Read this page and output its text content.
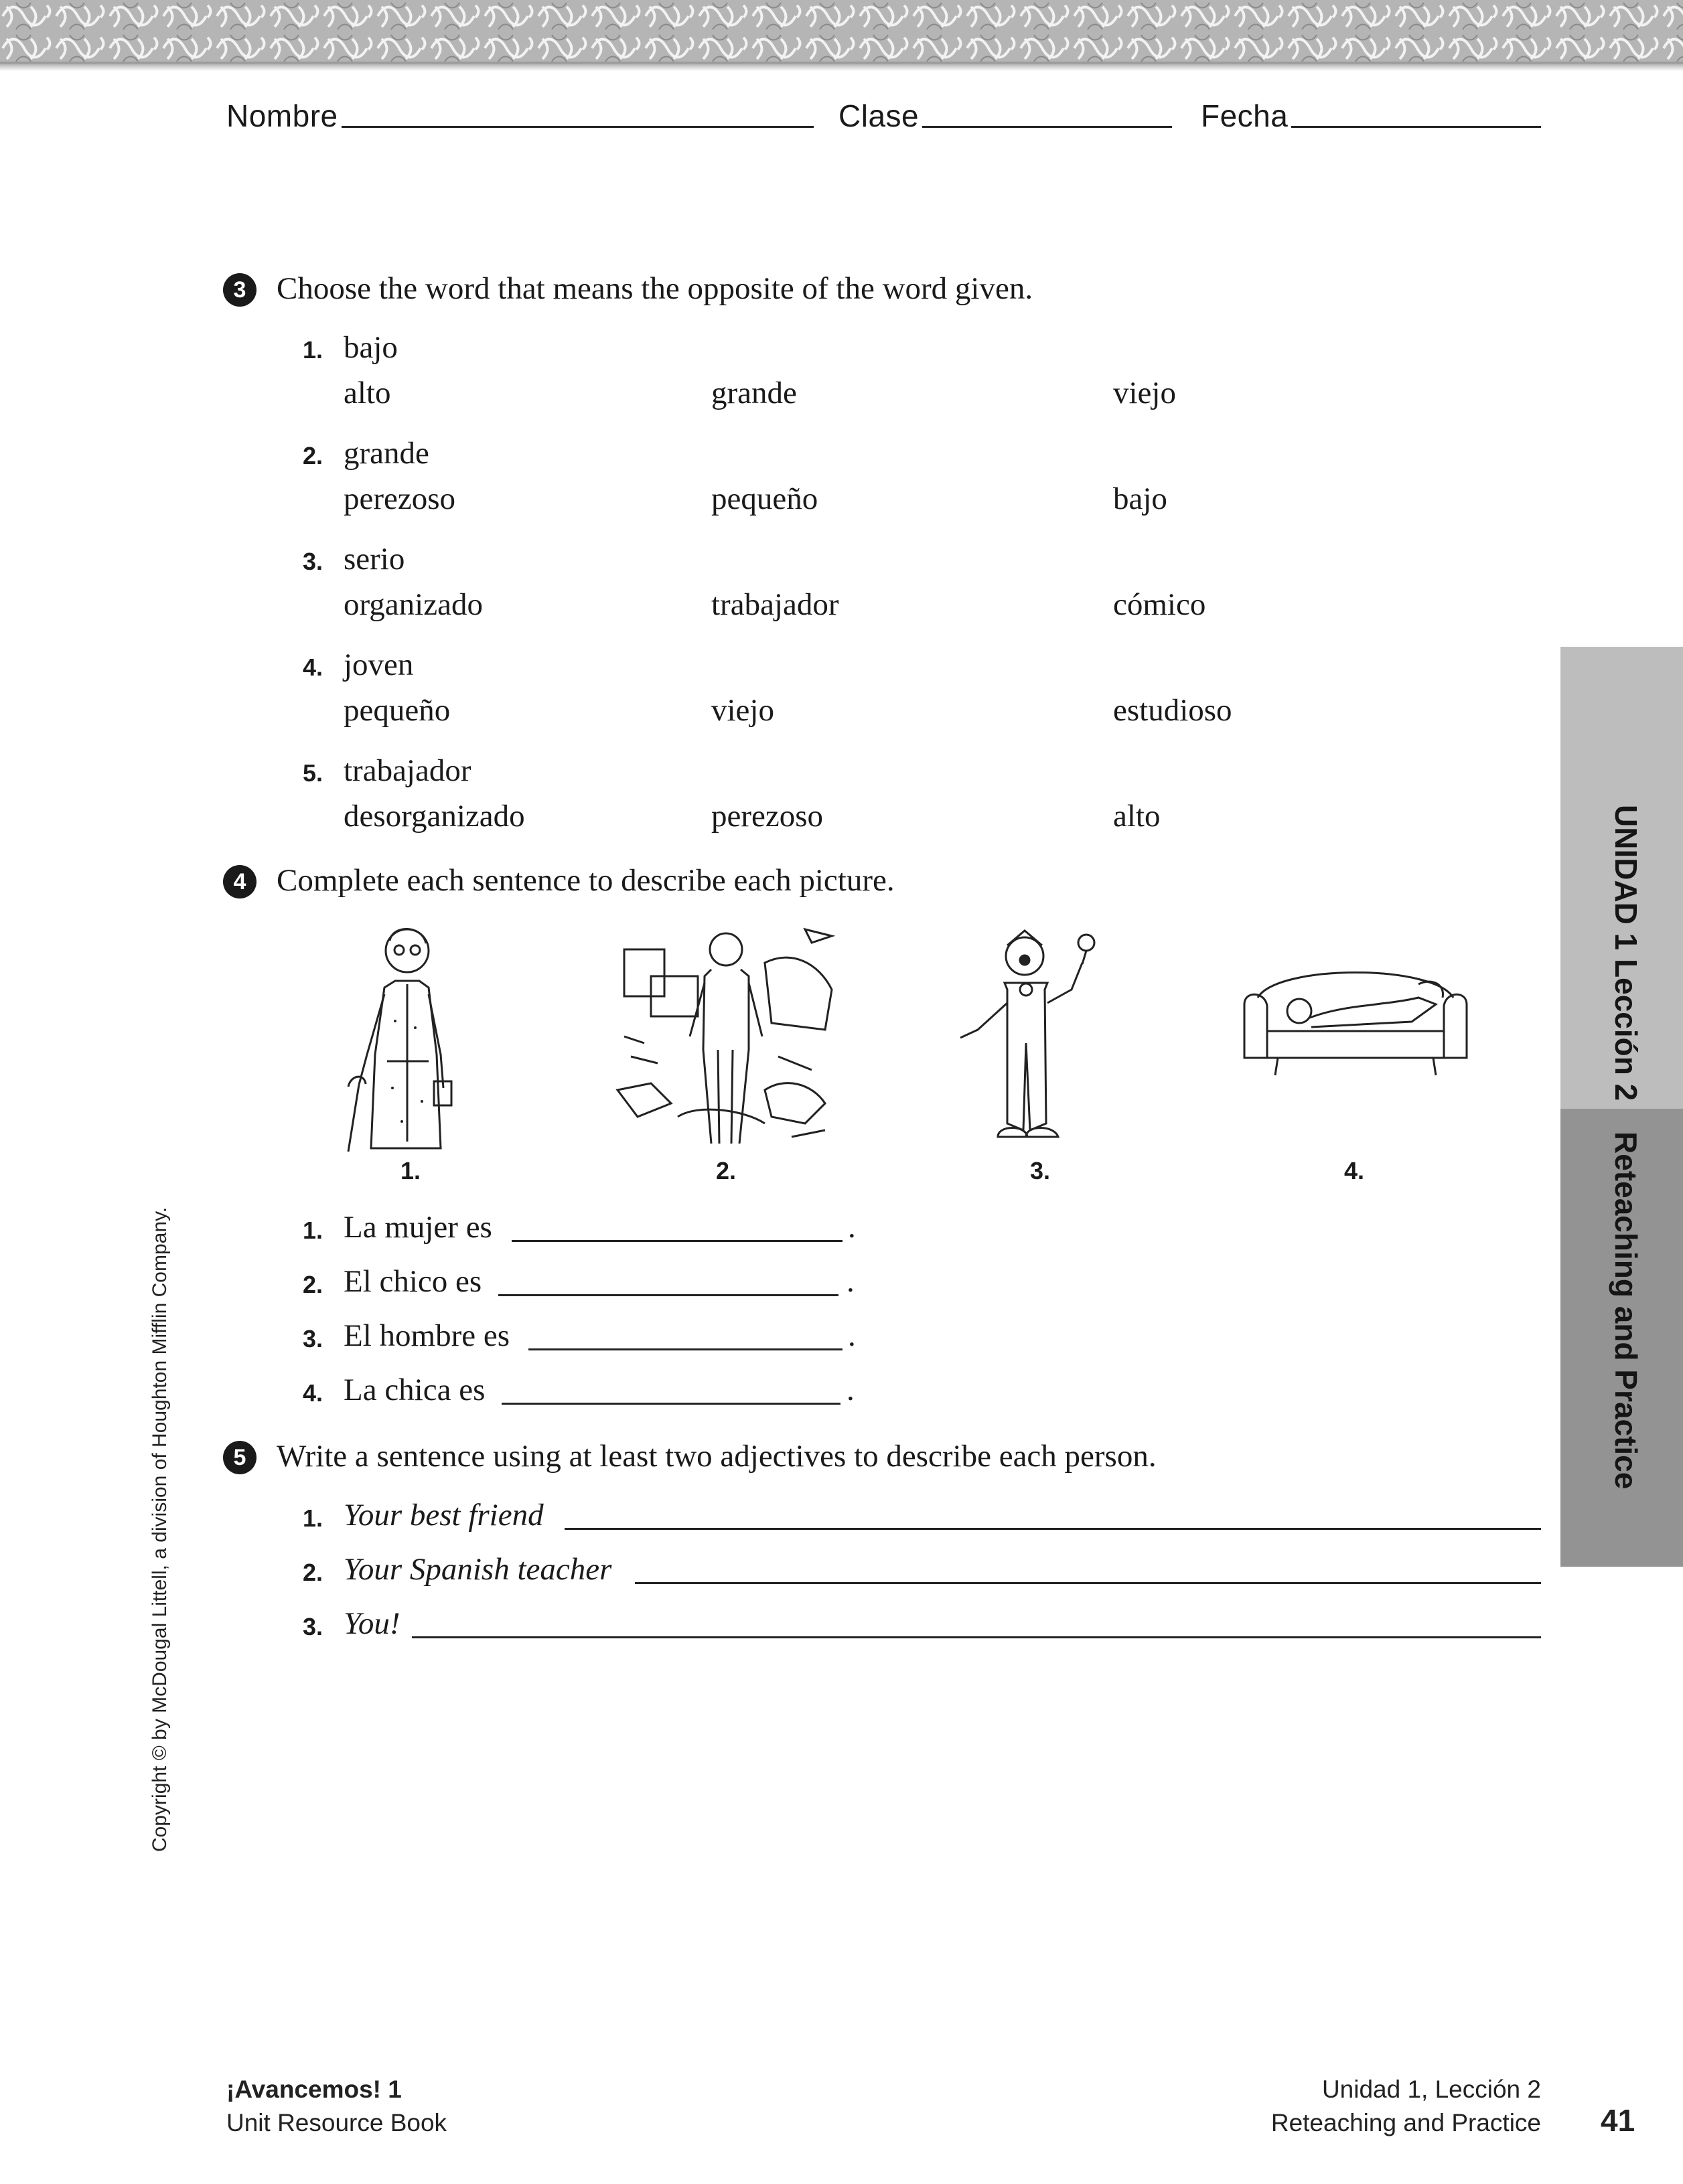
Nombre	Clase	Fecha
3 Choose the word that means the opposite of the word given.
1. bajo
alto	grande	viejo
2. grande
perezoso	pequeño	bajo
3. serio
organizado	trabajador	cómico
4. joven
pequeño	viejo	estudioso
5. trabajador
desorganizado	perezoso	alto
4 Complete each sentence to describe each picture.
1.	2.	3.	4.
1. La mujer es	.
2. El chico es	.
3. El hombre es	.
4. La chica es	.
5 Write a sentence using at least two adjectives to describe each person.
1. Your best friend
2. Your Spanish teacher
3. You!
UNIDAD 1 Lección 2
Reteaching and Practice
Copyright © by McDougal Littell, a division of Houghton Mifflin Company.
¡Avancemos! 1
Unit Resource Book
Unidad 1, Lección 2
Reteaching and Practice 41
